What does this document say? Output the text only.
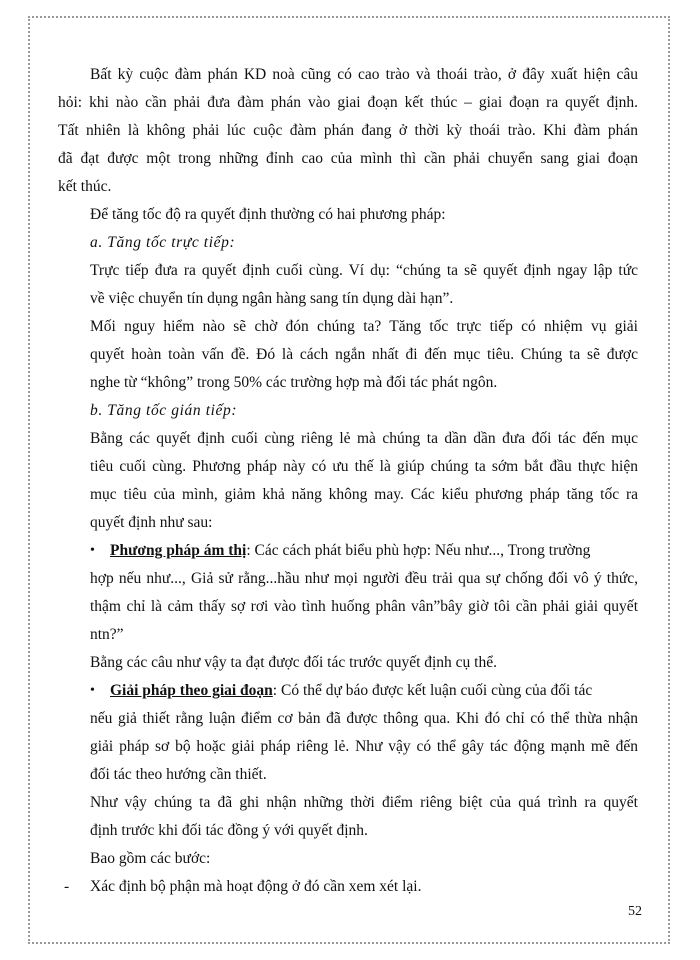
Bất kỳ cuộc đàm phán KD noà cũng có cao trào và thoái trào, ở đây xuất hiện câu
hỏi: khi nào cần phải đưa đàm phán vào giai đoạn kết thúc – giai đoạn ra quyết định.
Tất nhiên là không phải lúc cuộc đàm phán đang ở thời kỳ thoái trào. Khi đàm phán
đã đạt được một trong những đỉnh cao của mình thì cần phải chuyển sang giai đoạn
kết thúc.
Để tăng tốc độ ra quyết định thường có hai phương pháp:
a. Tăng tốc trực tiếp:
Trực tiếp đưa ra quyết định cuối cùng. Ví dụ: “chúng ta sẽ quyết định ngay lập tức
về việc chuyển tín dụng ngân hàng sang tín dụng dài hạn”.
Mối nguy hiểm nào sẽ chờ đón chúng ta? Tăng tốc trực tiếp có nhiệm vụ giải
quyết hoàn toàn vấn đề. Đó là cách ngắn nhất đi đến mục tiêu. Chúng ta sẽ được
nghe từ “không” trong 50% các trường hợp mà đối tác phát ngôn.
b. Tăng tốc gián tiếp:
Bằng các quyết định cuối cùng riêng lẻ mà chúng ta dần dần đưa đối tác đến mục
tiêu cuối cùng. Phương pháp này có ưu thế là giúp chúng ta sớm bắt đầu thực hiện
mục tiêu của mình, giảm khả năng không may. Các kiểu phương pháp tăng tốc ra
quyết định như sau:
• Phương pháp ám thị: Các cách phát biểu phù hợp: Nếu như..., Trong trường
hợp nếu như..., Giả sử rằng...hầu như mọi người đều trải qua sự chống đối vô ý thức,
thậm chỉ là cảm thấy sợ rơi vào tình huống phân vân”bây giờ tôi cần phải giải quyết
ntn?”
Bằng các câu như vậy ta đạt được đối tác trước quyết định cụ thể.
• Giải pháp theo giai đoạn: Có thể dự báo được kết luận cuối cùng của đối tác
nếu giả thiết rằng luận điểm cơ bản đã được thông qua. Khi đó chỉ có thể thừa nhận
giải pháp sơ bộ hoặc giải pháp riêng lẻ. Như vậy có thể gây tác động mạnh mẽ đến
đối tác theo hướng cần thiết.
Như vậy chúng ta đã ghi nhận những thời điểm riêng biệt của quá trình ra quyết
định trước khi đối tác đồng ý với quyết định.
Bao gồm các bước:
- Xác định bộ phận mà hoạt động ở đó cần xem xét lại.
52
